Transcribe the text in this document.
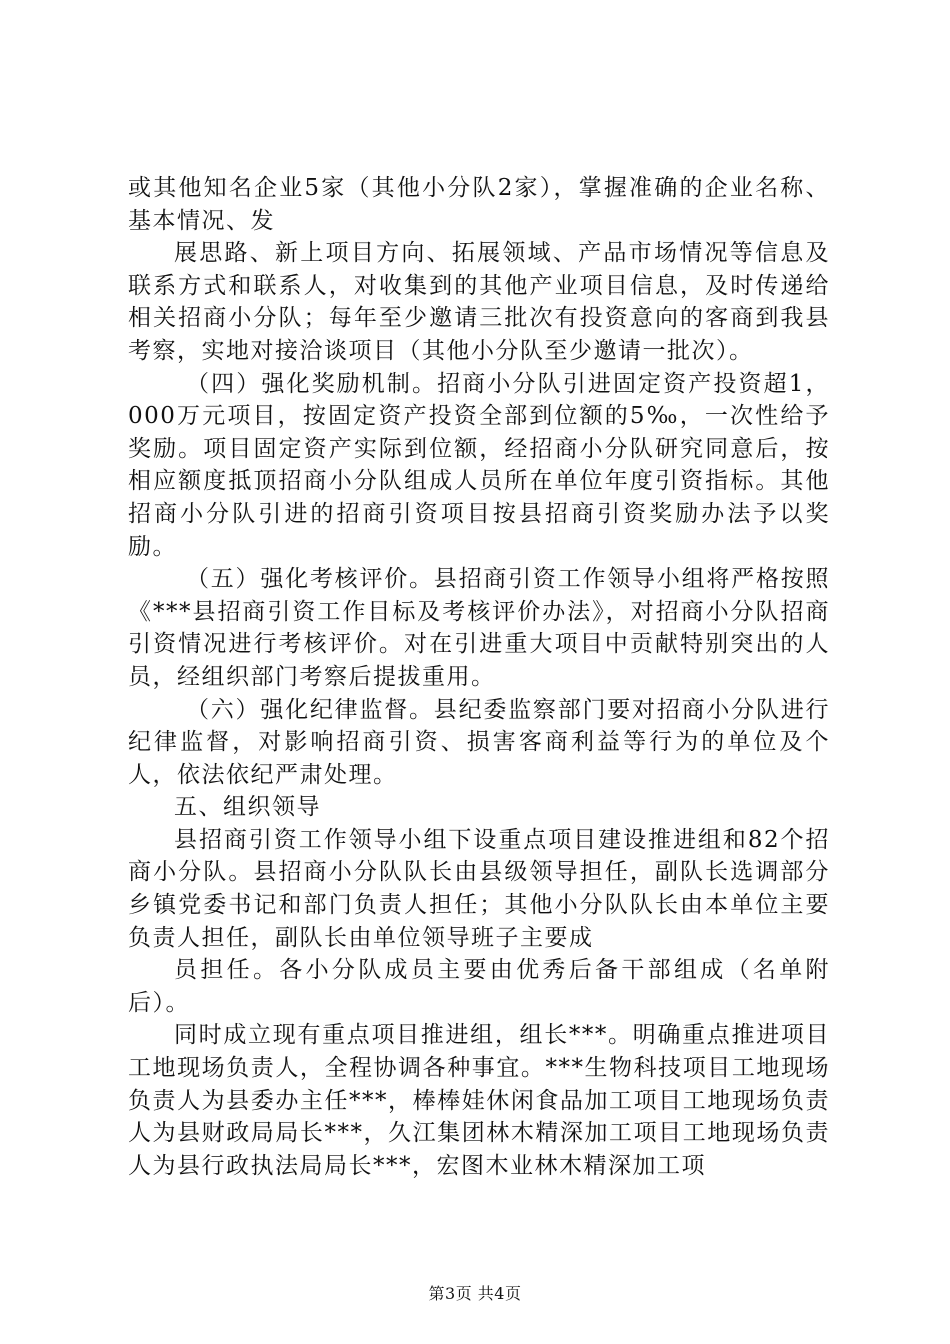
或其他知名企业5家（其他小分队2家），掌握准确的企业名称、基本情况、发

展思路、新上项目方向、拓展领域、产品市场情况等信息及联系方式和联系人，对收集到的其他产业项目信息，及时传递给相关招商小分队；每年至少邀请三批次有投资意向的客商到我县考察，实地对接洽谈项目（其他小分队至少邀请一批次）。

（四）强化奖励机制。招商小分队引进固定资产投资超1，000万元项目，按固定资产投资全部到位额的5‰，一次性给予奖励。项目固定资产实际到位额，经招商小分队研究同意后，按相应额度抵顶招商小分队组成人员所在单位年度引资指标。其他招商小分队引进的招商引资项目按县招商引资奖励办法予以奖励。

（五）强化考核评价。县招商引资工作领导小组将严格按照《***县招商引资工作目标及考核评价办法》，对招商小分队招商引资情况进行考核评价。对在引进重大项目中贡献特别突出的人员，经组织部门考察后提拔重用。

（六）强化纪律监督。县纪委监察部门要对招商小分队进行纪律监督，对影响招商引资、损害客商利益等行为的单位及个人，依法依纪严肃处理。

五、组织领导

县招商引资工作领导小组下设重点项目建设推进组和82个招商小分队。县招商小分队队长由县级领导担任，副队长选调部分乡镇党委书记和部门负责人担任；其他小分队队长由本单位主要负责人担任，副队长由单位领导班子主要成

员担任。各小分队成员主要由优秀后备干部组成（名单附后）。

同时成立现有重点项目推进组，组长***。明确重点推进项目工地现场负责人，全程协调各种事宜。***生物科技项目工地现场负责人为县委办主任***，棒棒娃休闲食品加工项目工地现场负责人为县财政局局长***，久江集团林木精深加工项目工地现场负责人为县行政执法局局长***，宏图木业林木精深加工项

第3页 共4页
